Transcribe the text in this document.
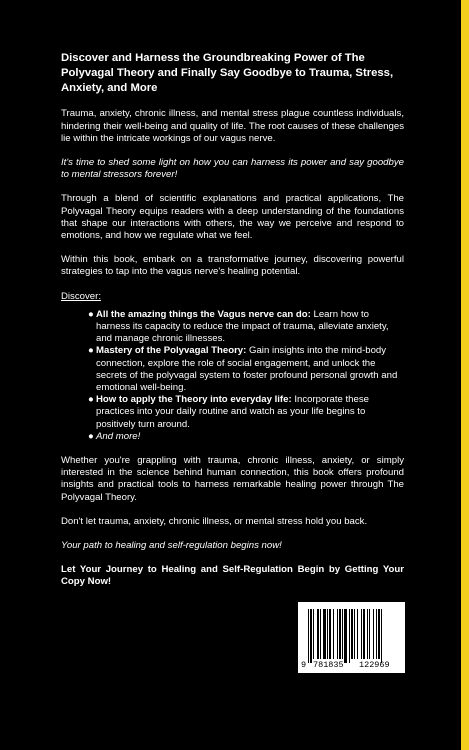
Discover and Harness the Groundbreaking Power of The Polyvagal Theory and Finally Say Goodbye to Trauma, Stress, Anxiety, and More

Trauma, anxiety, chronic illness, and mental stress plague countless individuals, hindering their well-being and quality of life. The root causes of these challenges lie within the intricate workings of our vagus nerve.

It's time to shed some light on how you can harness its power and say goodbye to mental stressors forever!

Through a blend of scientific explanations and practical applications, The Polyvagal Theory equips readers with a deep understanding of the foundations that shape our interactions with others, the way we perceive and respond to emotions, and how we regulate what we feel.

Within this book, embark on a transformative journey, discovering powerful strategies to tap into the vagus nerve's healing potential.

Discover:

● All the amazing things the Vagus nerve can do: Learn how to harness its capacity to reduce the impact of trauma, alleviate anxiety, and manage chronic illnesses.
● Mastery of the Polyvagal Theory: Gain insights into the mind-body connection, explore the role of social engagement, and unlock the secrets of the polyvagal system to foster profound personal growth and emotional well-being.
● How to apply the Theory into everyday life: Incorporate these practices into your daily routine and watch as your life begins to positively turn around.
● And more!

Whether you're grappling with trauma, chronic illness, anxiety, or simply interested in the science behind human connection, this book offers profound insights and practical tools to harness remarkable healing power through The Polyvagal Theory.

Don't let trauma, anxiety, chronic illness, or mental stress hold you back.

Your path to healing and self-regulation begins now!

Let Your Journey to Healing and Self-Regulation Begin by Getting Your Copy Now!

9 781835 122969
